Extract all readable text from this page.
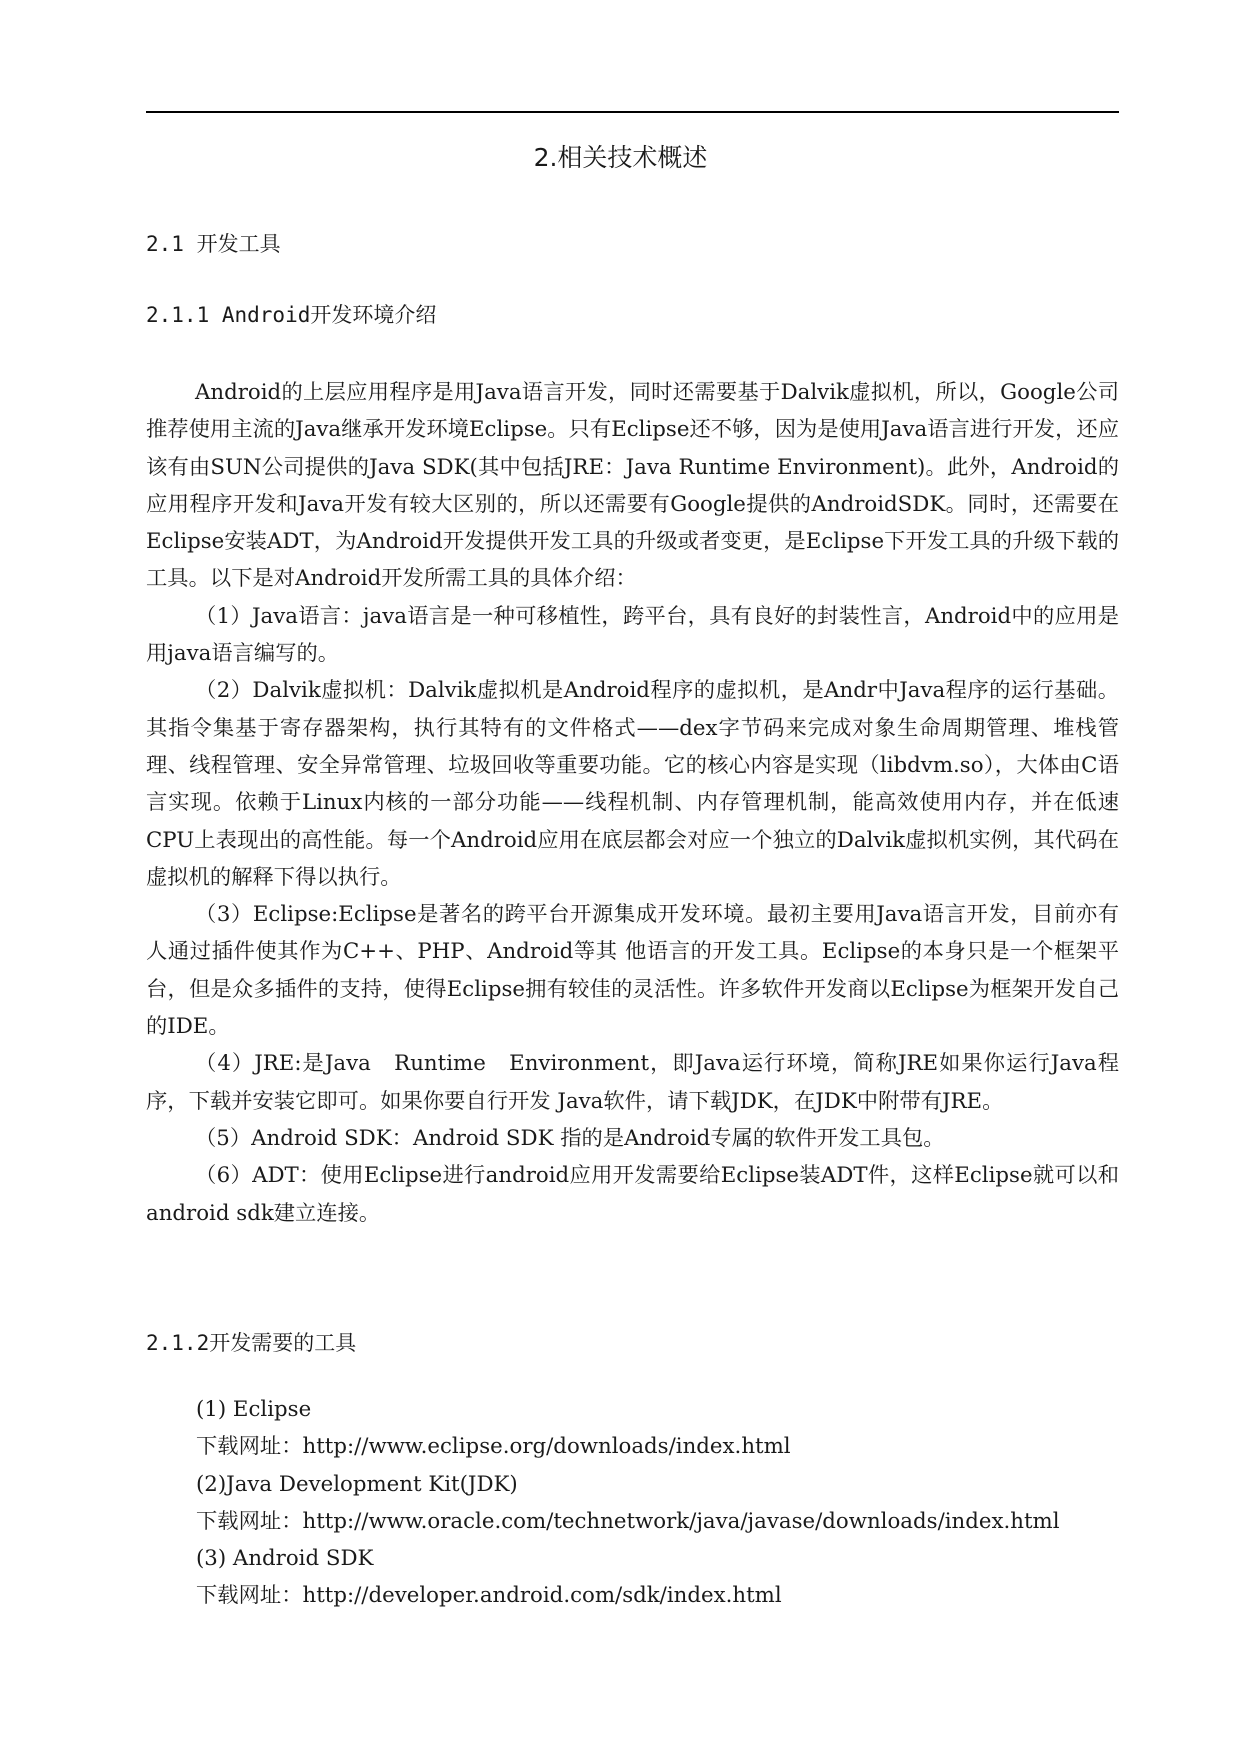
2.相关技术概述
2.1 开发工具
2.1.1 Android开发环境介绍

Android的上层应用程序是用Java语言开发，同时还需要基于Dalvik虚拟机，所以，Google公司推荐使用主流的Java继承开发环境Eclipse。只有Eclipse还不够，因为是使用Java语言进行开发，还应该有由SUN公司提供的Java SDK(其中包括JRE：Java Runtime Environment)。此外，Android的应用程序开发和Java开发有较大区别的，所以还需要有Google提供的AndroidSDK。同时，还需要在Eclipse安装ADT，为Android开发提供开发工具的升级或者变更，是Eclipse下开发工具的升级下载的工具。以下是对Android开发所需工具的具体介绍：

（1）Java语言：java语言是一种可移植性，跨平台，具有良好的封装性言，Android中的应用是用java语言编写的。

（2）Dalvik虚拟机：Dalvik虚拟机是Android程序的虚拟机，是Andr中Java程序的运行基础。其指令集基于寄存器架构，执行其特有的文件格式——dex字节码来完成对象生命周期管理、堆栈管理、线程管理、安全异常管理、垃圾回收等重要功能。它的核心内容是实现（libdvm.so），大体由C语言实现。依赖于Linux内核的一部分功能——线程机制、内存管理机制，能高效使用内存，并在低速CPU上表现出的高性能。每一个Android应用在底层都会对应一个独立的Dalvik虚拟机实例，其代码在虚拟机的解释下得以执行。

（3）Eclipse:Eclipse是著名的跨平台开源集成开发环境。最初主要用Java语言开发，目前亦有人通过插件使其作为C++、PHP、Android等其 他语言的开发工具。Eclipse的本身只是一个框架平台，但是众多插件的支持，使得Eclipse拥有较佳的灵活性。许多软件开发商以Eclipse为框架开发自己的IDE。

（4）JRE:是Java　Runtime　Environment，即Java运行环境，简称JRE如果你运行Java程序，下载并安装它即可。如果你要自行开发 Java软件，请下载JDK，在JDK中附带有JRE。

（5）Android SDK：Android SDK 指的是Android专属的软件开发工具包。

（6）ADT：使用Eclipse进行android应用开发需要给Eclipse装ADT件，这样Eclipse就可以和android sdk建立连接。

2.1.2开发需要的工具
(1) Eclipse
下载网址：http://www.eclipse.org/downloads/index.html
(2)Java Development Kit(JDK)
下载网址：http://www.oracle.com/technetwork/java/javase/downloads/index.html
(3) Android SDK
下载网址：http://developer.android.com/sdk/index.html
